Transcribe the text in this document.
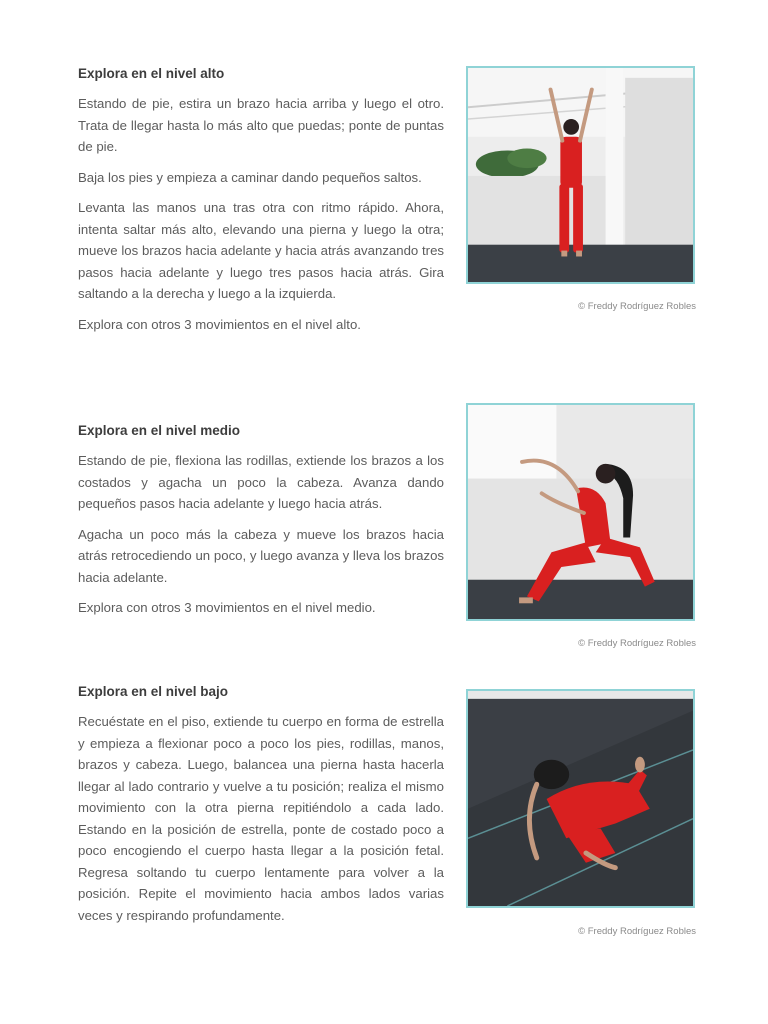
Explora en el nivel alto

Estando de pie, estira un brazo hacia arriba y luego el otro. Trata de llegar hasta lo más alto que puedas; ponte de puntas de pie.

Baja los pies y empieza a caminar dando pequeños saltos.

Levanta las manos una tras otra con ritmo rápido. Ahora, intenta saltar más alto, elevando una pierna y luego la otra; mueve los brazos hacia adelante y hacia atrás avanzando tres pasos hacia adelante y luego tres pasos hacia atrás. Gira saltando a la derecha y luego a la izquierda.

Explora con otros 3 movimientos en el nivel alto.

© Freddy Rodríguez Robles
Explora en el nivel medio

Estando de pie, flexiona las rodillas, extiende los brazos a los costados y agacha un poco la cabeza. Avanza dando pequeños pasos hacia adelante y luego hacia atrás.

Agacha un poco más la cabeza y mueve los brazos hacia atrás retrocediendo un poco, y luego avanza y lleva los brazos hacia adelante.

Explora con otros 3 movimientos en el nivel medio.

© Freddy Rodríguez Robles
Explora en el nivel bajo

Recuéstate en el piso, extiende tu cuerpo en forma de estrella y empieza a flexionar poco a poco los pies, rodillas, manos, brazos y cabeza. Luego, balancea una pierna hasta hacerla llegar al lado contrario y vuelve a tu posición; realiza el mismo movimiento con la otra pierna repitiéndolo a cada lado. Estando en la posición de estrella, ponte de costado poco a poco encogiendo el cuerpo hasta llegar a la posición fetal. Regresa soltando tu cuerpo lentamente para volver a la posición. Repite el movimiento hacia ambos lados varias veces y respirando profundamente.

© Freddy Rodríguez Robles
